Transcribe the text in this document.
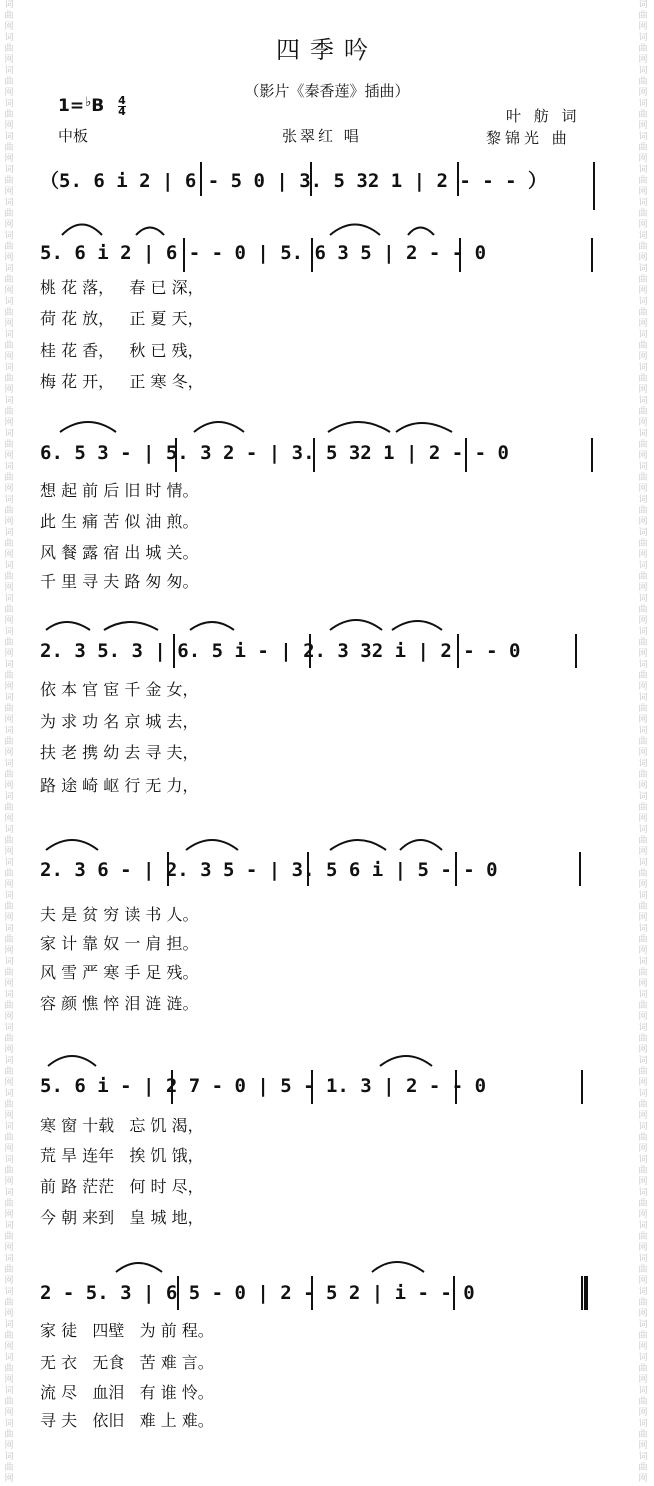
词曲网词曲网词曲网词曲网词曲网词曲网词曲网词曲网词曲网词曲网词曲网词曲网词曲网词曲网词曲网词曲网词曲网词曲网词曲网词曲网词曲网词曲网词曲网词曲网词曲网词曲网词曲网词曲网词曲网词曲网词曲网词曲网词曲网词曲网词曲网词曲网词曲网词曲网词曲网词曲网词曲网词曲网词曲网词曲网词曲网
词曲网词曲网词曲网词曲网词曲网词曲网词曲网词曲网词曲网词曲网词曲网词曲网词曲网词曲网词曲网词曲网词曲网词曲网词曲网词曲网词曲网词曲网词曲网词曲网词曲网词曲网词曲网词曲网词曲网词曲网词曲网词曲网词曲网词曲网词曲网词曲网词曲网词曲网词曲网词曲网词曲网词曲网词曲网词曲网词曲网
四季吟
（影片《秦香莲》插曲）
$1=^♭B \frac{4}{4}$
中板	张翠红 唱
叶 舫 词
黎锦光 曲
（5. 6 i 2 | 6 - 5 0 | 3. 5 32 1 | 2 - - - ）
5. 6 i 2 | 6 - - 0 | 5. 6 3 5 | 2 - - 0
桃 花 落，   春 已 深，
荷 花 放，   正 夏 天，
桂 花 香，   秋 已 残，
梅 花 开，   正 寒 冬，
6. 5 3 - | 5. 3 2 - | 3. 5 32 1 | 2 - - 0
想 起 前 后 旧 时 情。
此 生 痛 苦 似 油 煎。
风 餐 露 宿 出 城 关。
千 里 寻 夫 路 匆 匆。
2. 3 5. 3 | 6. 5 i - | 2. 3 32 i | 2 - - 0
依 本 官 宦 千 金 女，
为 求 功 名 京 城 去，
扶 老 携 幼 去 寻 夫，
路 途 崎 岖 行 无 力，
2. 3 6 - | 2. 3 5 - | 3. 5 6 i | 5 - - 0
夫 是 贫 穷 读 书 人。
家 计 靠 奴 一 肩 担。
风 雪 严 寒 手 足 残。
容 颜 憔 悴 泪 涟 涟。
5. 6 i - | 2 7 - 0 | 5 - 1. 3 | 2 - - 0
寒 窗 十载   忘 饥 渴，
荒 旱 连年   挨 饥 饿，
前 路 茫茫   何 时 尽，
今 朝 来到   皇 城 地，
2 - 5. 3 | 6 5 - 0 | 2 - 5 2 | i - - 0
家 徒   四壁   为 前 程。
无 衣   无食   苦 难 言。
流 尽   血泪   有 谁 怜。
寻 夫   依旧   难 上 难。
